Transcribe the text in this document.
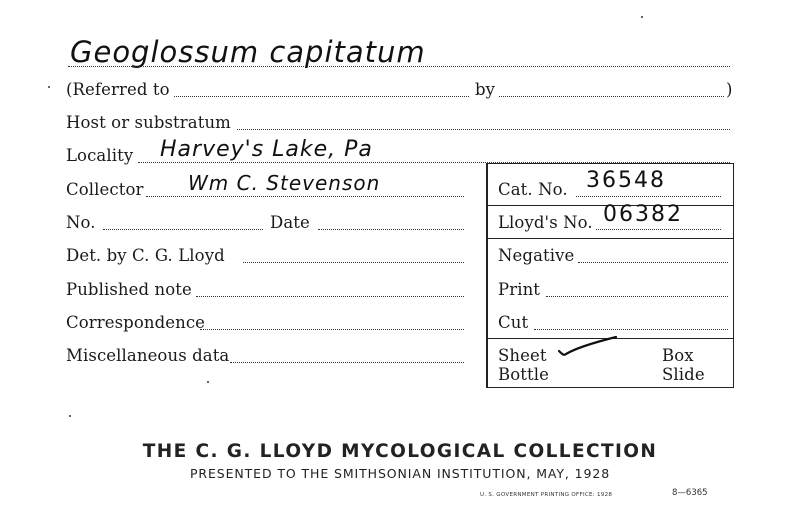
Geoglossum capitatum
(Referred to	by	)
Host or substratum
Locality Harvey's Lake, Pa
Collector Wm C. Stevenson
No.	Date
Det. by C. G. Lloyd
Published note
Correspondence
Miscellaneous data
Cat. No. 36548
Lloyd's No. 06382
Negative
Print
Cut
Sheet	Box
Bottle	Slide
THE C. G. LLOYD MYCOLOGICAL COLLECTION
PRESENTED TO THE SMITHSONIAN INSTITUTION, MAY, 1928
U. S. GOVERNMENT PRINTING OFFICE: 1928	8—6365
